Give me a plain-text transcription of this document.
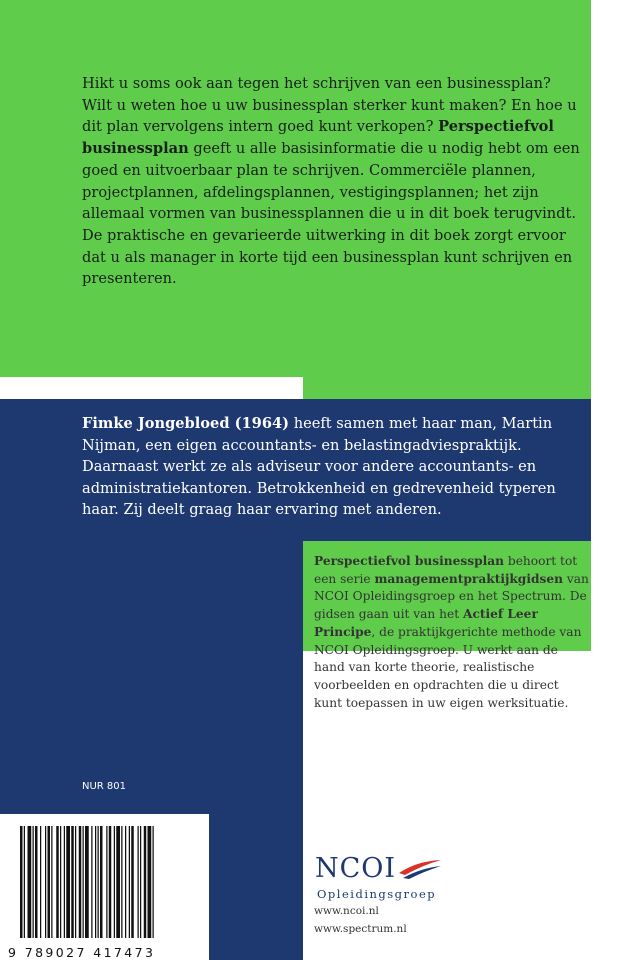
Hikt u soms ook aan tegen het schrijven van een businessplan? Wilt u weten hoe u uw businessplan sterker kunt maken? En hoe u dit plan vervolgens intern goed kunt verkopen? Perspectiefvol businessplan geeft u alle basisinformatie die u nodig hebt om een goed en uitvoerbaar plan te schrijven. Commerciële plannen, projectplannen, afdelingsplannen, vestigingsplannen; het zijn allemaal vormen van businessplannen die u in dit boek terugvindt. De praktische en gevarieerde uitwerking in dit boek zorgt ervoor dat u als manager in korte tijd een businessplan kunt schrijven en presenteren.
Fimke Jongebloed (1964) heeft samen met haar man, Martin Nijman, een eigen accountants- en belastingadviespraktijk. Daarnaast werkt ze als adviseur voor andere accountants- en administratiekantoren. Betrokkenheid en gedrevenheid typeren haar. Zij deelt graag haar ervaring met anderen.
Perspectiefvol businessplan behoort tot een serie managementpraktijkgidsen van NCOI Opleidingsgroep en het Spectrum. De gidsen gaan uit van het Actief Leer Principe, de praktijkgerichte methode van NCOI Opleidingsgroep. U werkt aan de hand van korte theorie, realistische voorbeelden en opdrachten die u direct kunt toepassen in uw eigen werksituatie.
NUR 801
9 789027 417473
NCOI
Opleidingsgroep
www.ncoi.nl
www.spectrum.nl
